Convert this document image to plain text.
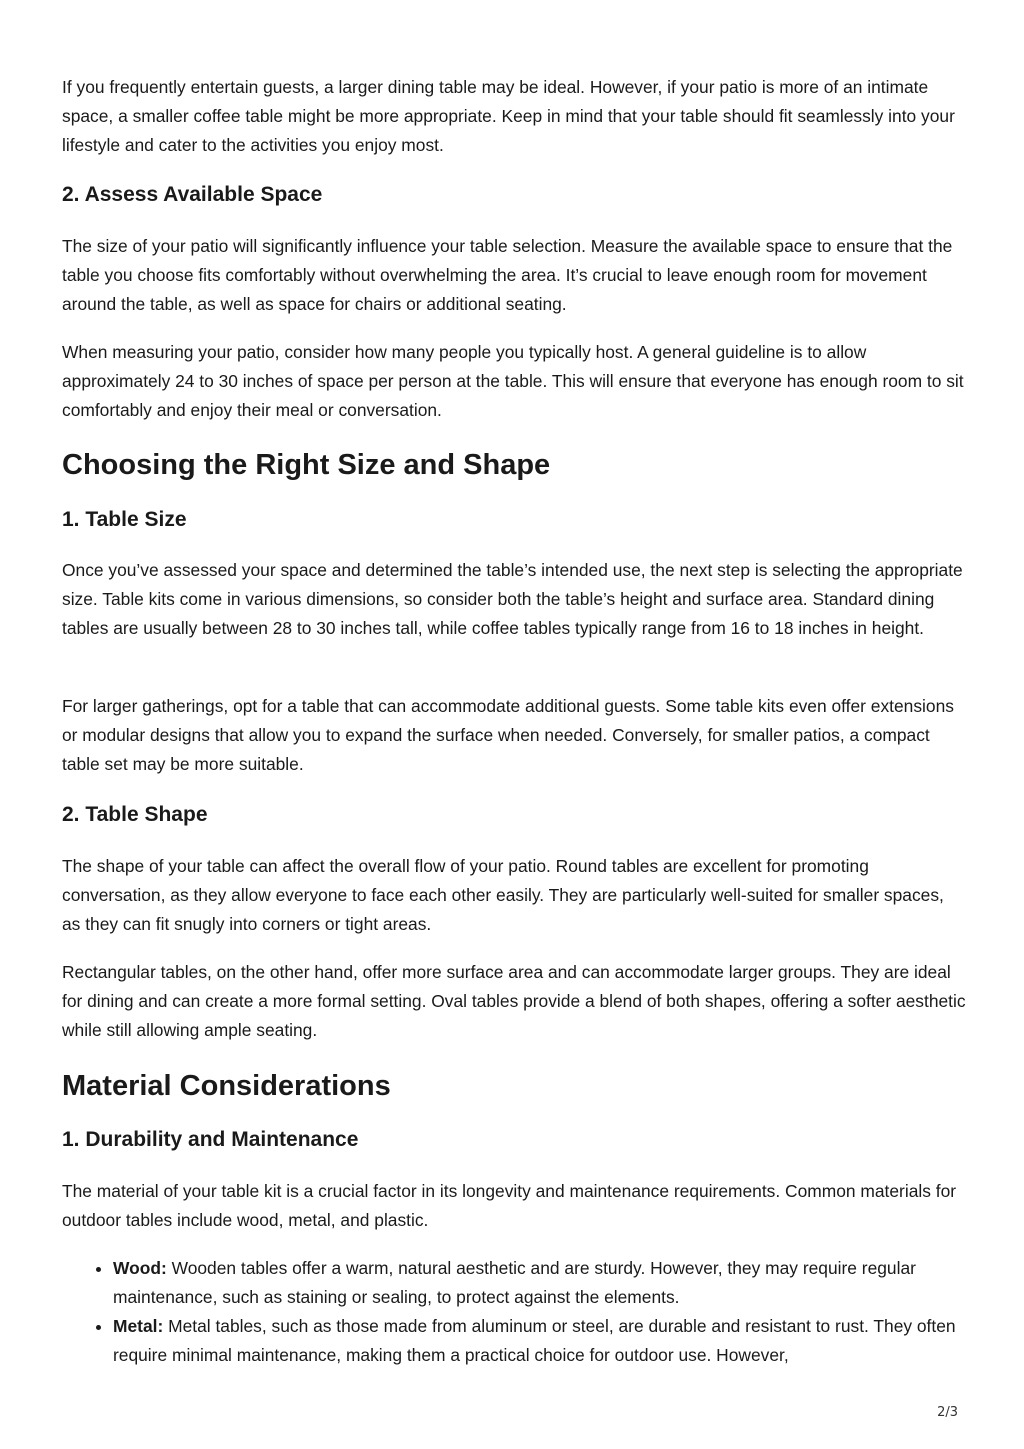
If you frequently entertain guests, a larger dining table may be ideal. However, if your patio is more of an intimate space, a smaller coffee table might be more appropriate. Keep in mind that your table should fit seamlessly into your lifestyle and cater to the activities you enjoy most.

2. Assess Available Space

The size of your patio will significantly influence your table selection. Measure the available space to ensure that the table you choose fits comfortably without overwhelming the area. It’s crucial to leave enough room for movement around the table, as well as space for chairs or additional seating.

When measuring your patio, consider how many people you typically host. A general guideline is to allow approximately 24 to 30 inches of space per person at the table. This will ensure that everyone has enough room to sit comfortably and enjoy their meal or conversation.

Choosing the Right Size and Shape
1. Table Size

Once you’ve assessed your space and determined the table’s intended use, the next step is selecting the appropriate size. Table kits come in various dimensions, so consider both the table’s height and surface area. Standard dining tables are usually between 28 to 30 inches tall, while coffee tables typically range from 16 to 18 inches in height.

For larger gatherings, opt for a table that can accommodate additional guests. Some table kits even offer extensions or modular designs that allow you to expand the surface when needed. Conversely, for smaller patios, a compact table set may be more suitable.

2. Table Shape

The shape of your table can affect the overall flow of your patio. Round tables are excellent for promoting conversation, as they allow everyone to face each other easily. They are particularly well-suited for smaller spaces, as they can fit snugly into corners or tight areas.

Rectangular tables, on the other hand, offer more surface area and can accommodate larger groups. They are ideal for dining and can create a more formal setting. Oval tables provide a blend of both shapes, offering a softer aesthetic while still allowing ample seating.

Material Considerations
1. Durability and Maintenance

The material of your table kit is a crucial factor in its longevity and maintenance requirements. Common materials for outdoor tables include wood, metal, and plastic.

• Wood: Wooden tables offer a warm, natural aesthetic and are sturdy. However, they may require regular maintenance, such as staining or sealing, to protect against the elements.
• Metal: Metal tables, such as those made from aluminum or steel, are durable and resistant to rust. They often require minimal maintenance, making them a practical choice for outdoor use. However,
2/3
